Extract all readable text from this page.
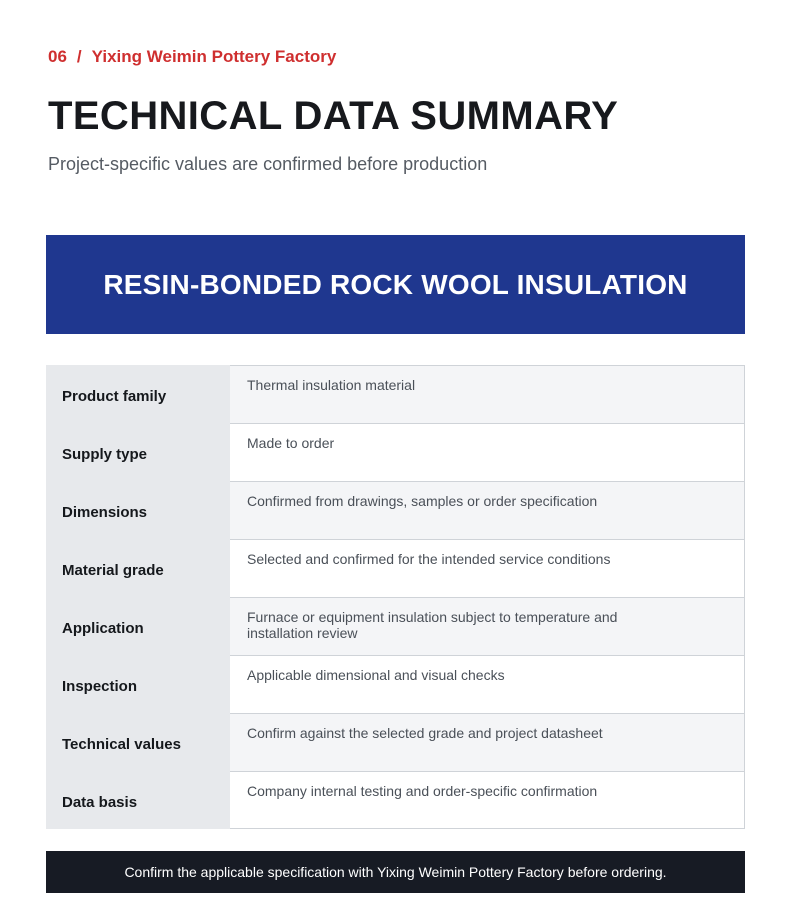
06 / Yixing Weimin Pottery Factory
TECHNICAL DATA SUMMARY
Project-specific values are confirmed before production
RESIN-BONDED ROCK WOOL INSULATION
Product family
Thermal insulation material
Supply type
Made to order
Dimensions
Confirmed from drawings, samples or order specification
Material grade
Selected and confirmed for the intended service conditions
Application
Furnace or equipment insulation subject to temperature and installation review
Inspection
Applicable dimensional and visual checks
Technical values
Confirm against the selected grade and project datasheet
Data basis
Company internal testing and order-specific confirmation
Confirm the applicable specification with Yixing Weimin Pottery Factory before ordering.
